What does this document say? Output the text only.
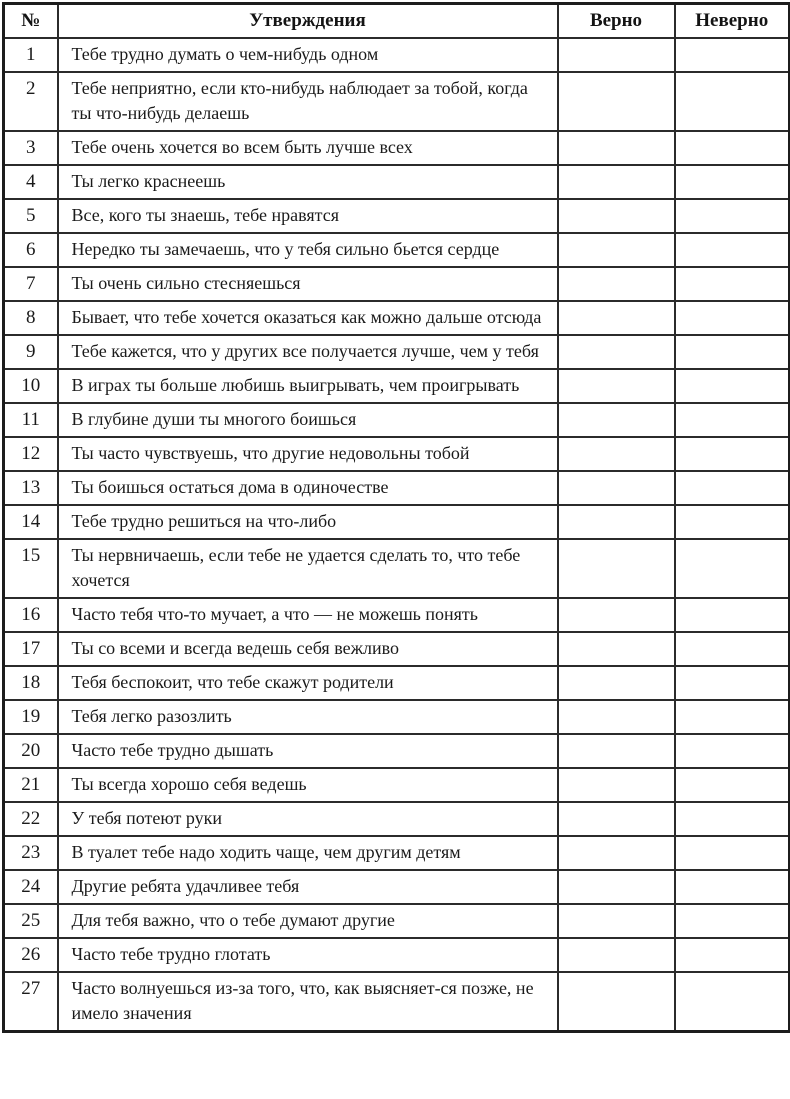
№	Утверждения	Верно	Неверно
1	Тебе трудно думать о чем-нибудь одном		
2	Тебе неприятно, если кто-нибудь наблюдает за тобой, когда ты что-нибудь делаешь		
3	Тебе очень хочется во всем быть лучше всех		
4	Ты легко краснеешь		
5	Все, кого ты знаешь, тебе нравятся		
6	Нередко ты замечаешь, что у тебя сильно бьется сердце		
7	Ты очень сильно стесняешься		
8	Бывает, что тебе хочется оказаться как можно дальше отсюда		
9	Тебе кажется, что у других все получается лучше, чем у тебя		
10	В играх ты больше любишь выигрывать, чем проигрывать		
11	В глубине души ты многого боишься		
12	Ты часто чувствуешь, что другие недовольны тобой		
13	Ты боишься остаться дома в одиночестве		
14	Тебе трудно решиться на что-либо		
15	Ты нервничаешь, если тебе не удается сделать то, что тебе хочется		
16	Часто тебя что-то мучает, а что — не можешь понять		
17	Ты со всеми и всегда ведешь себя вежливо		
18	Тебя беспокоит, что тебе скажут родители		
19	Тебя легко разозлить		
20	Часто тебе трудно дышать		
21	Ты всегда хорошо себя ведешь		
22	У тебя потеют руки		
23	В туалет тебе надо ходить чаще, чем другим детям		
24	Другие ребята удачливее тебя		
25	Для тебя важно, что о тебе думают другие		
26	Часто тебе трудно глотать		
27	Часто волнуешься из-за того, что, как выясняет-ся позже, не имело значения		
